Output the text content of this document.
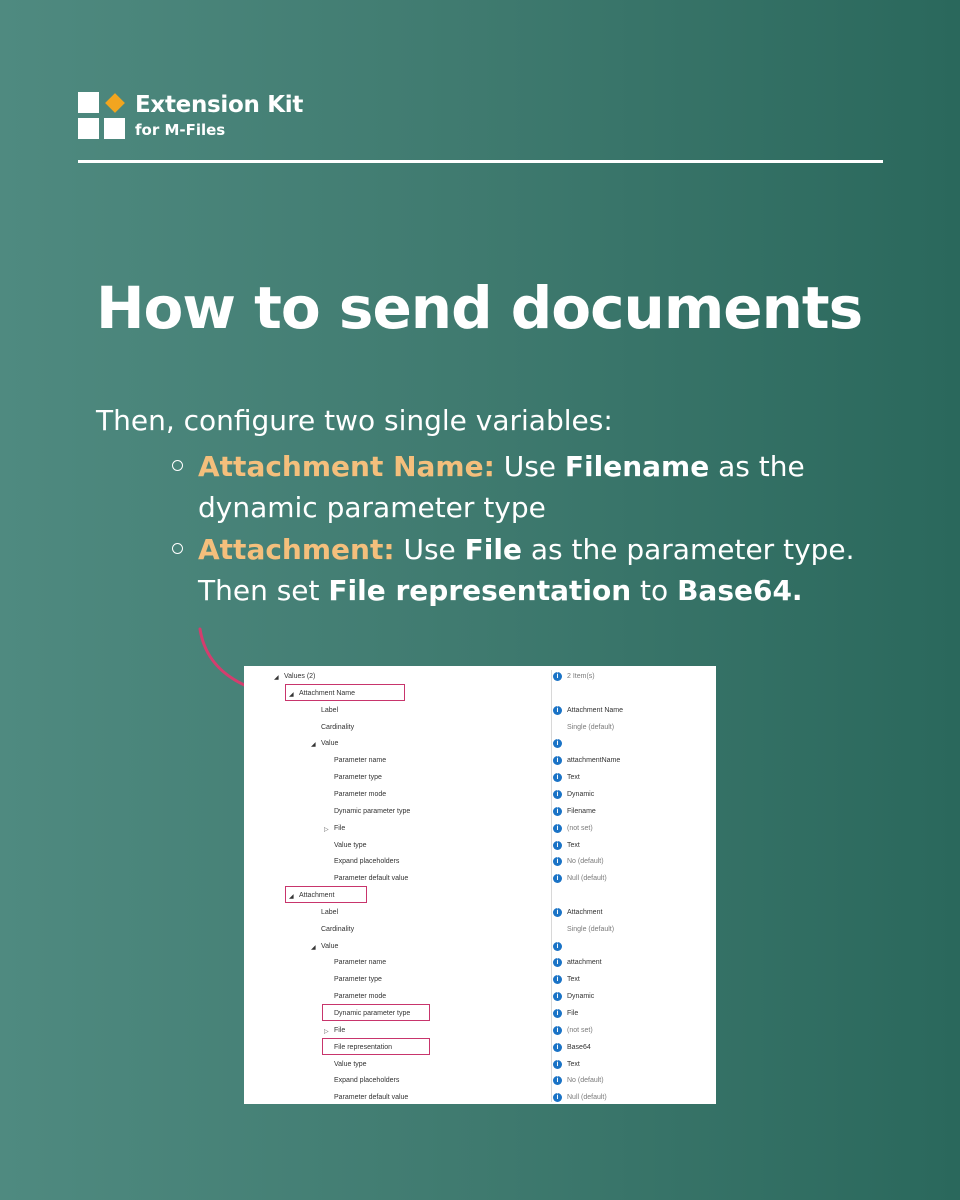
Extension Kit
for M-Files
How to send documents
Then, configure two single variables:
Attachment Name: Use Filename as the dynamic parameter type
Attachment: Use File as the parameter type. Then set File representation to Base64.
◢ Values (2)	i	2 Item(s)
◢ Attachment Name
Label	i	Attachment Name
Cardinality	Single (default)
◢ Value	i
Parameter name	i	attachmentName
Parameter type	i	Text
Parameter mode	i	Dynamic
Dynamic parameter type	i	Filename
▷ File	i	(not set)
Value type	i	Text
Expand placeholders	i	No (default)
Parameter default value	i	Null (default)
◢ Attachment
Label	i	Attachment
Cardinality	Single (default)
◢ Value	i
Parameter name	i	attachment
Parameter type	i	Text
Parameter mode	i	Dynamic
Dynamic parameter type	i	File
▷ File	i	(not set)
File representation	i	Base64
Value type	i	Text
Expand placeholders	i	No (default)
Parameter default value	i	Null (default)
